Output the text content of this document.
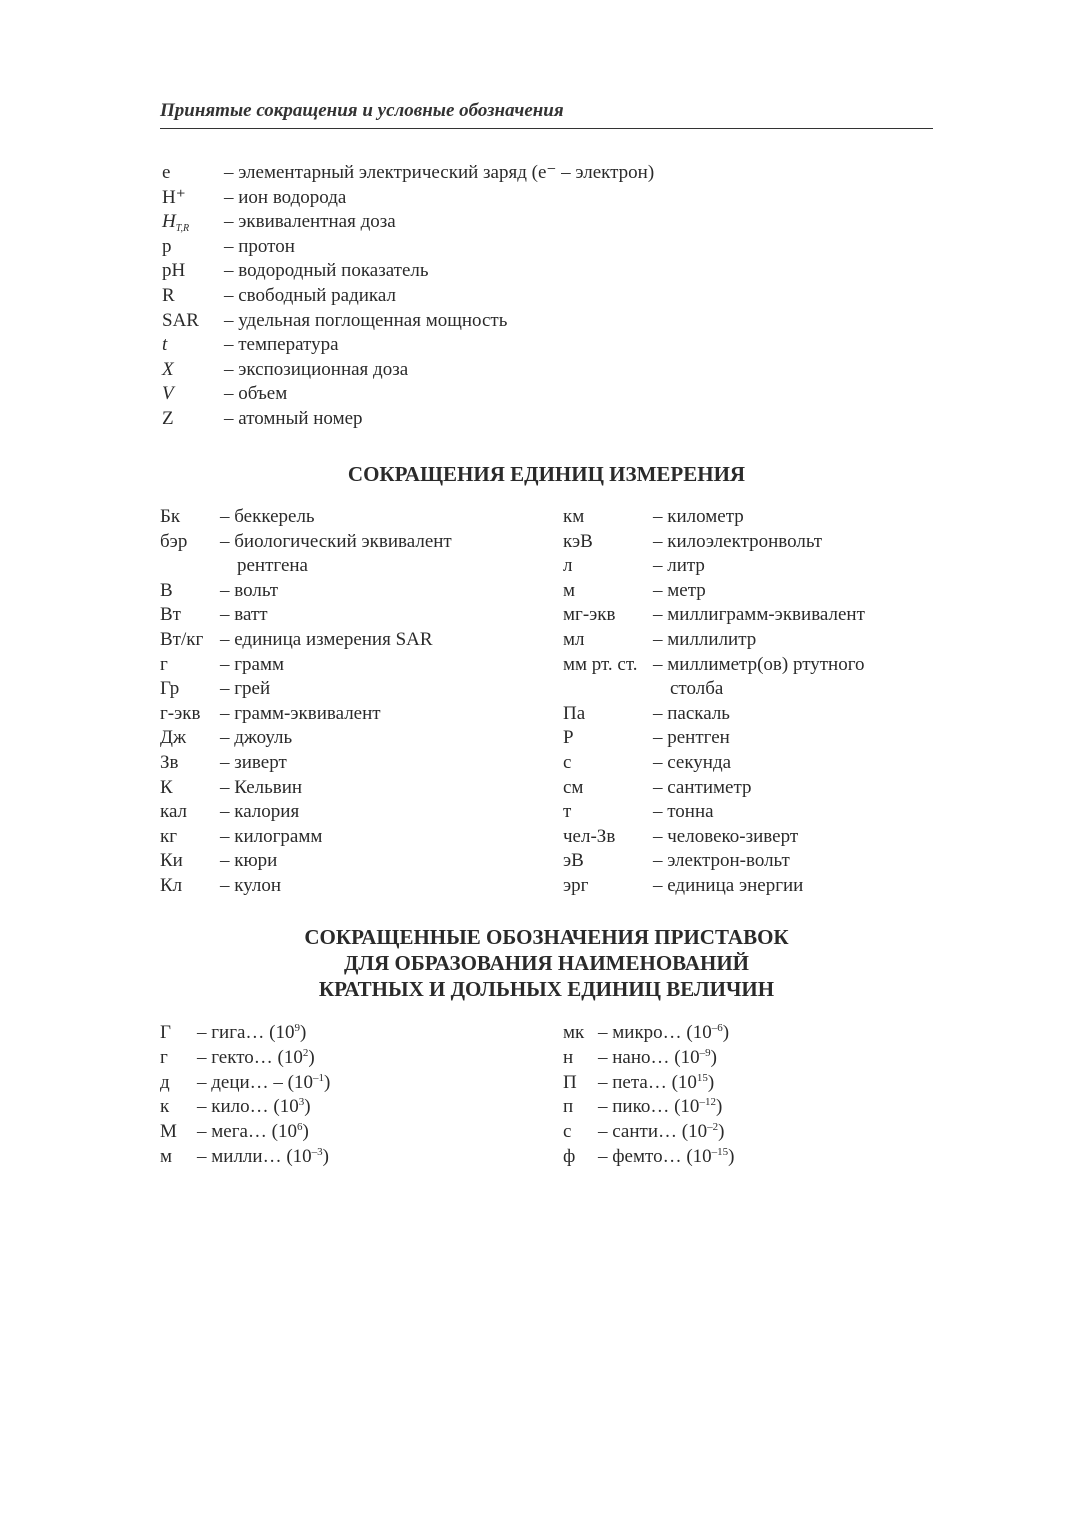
Принятые сокращения и условные обозначения
e	– элементарный электрический заряд (e⁻ – электрон)
H⁺ – ион водорода
$H_{T,R}$ – эквивалентная доза
p	– протон
pH – водородный показатель
R	– свободный радикал
SAR – удельная поглощенная мощность
t	– температура
X	– экспозиционная доза
V	– объем
Z	– атомный номер
СОКРАЩЕНИЯ ЕДИНИЦ ИЗМЕРЕНИЯ
Бк – беккерель
бэр – биологический эквивалент
рентгена
В – вольт
Вт – ватт
Вт/кг – единица измерения SAR
г	– грамм
Гр – грей
г-экв – грамм-эквивалент
Дж – джоуль
Зв – зиверт
К – Кельвин
кал – калория
кг – килограмм
Ки – кюри
Кл – кулон
км	– километр
кэВ	– килоэлектронвольт
л	– литр
м	– метр
мг-экв – миллиграмм-эквивалент
мл	– миллилитр
мм рт. ст. – миллиметр(ов) ртутного
столба
Па	– паскаль
Р	– рентген
с	– секунда
см	– сантиметр
т	– тонна
чел-Зв – человеко-зиверт
эВ	– электрон-вольт
эрг	– единица энергии
СОКРАЩЕННЫЕ ОБОЗНАЧЕНИЯ ПРИСТАВОК
ДЛЯ ОБРАЗОВАНИЯ НАИМЕНОВАНИЙ
КРАТНЫХ И ДОЛЬНЫХ ЕДИНИЦ ВЕЛИЧИН
Г – гига… $(10^9)$
г – гекто… $(10^2)$
д – деци… – $(10^{-1})$
к – кило… $(10^3)$
М – мега… $(10^6)$
м – милли… $(10^{-3})$
мк – микро… $(10^{-6})$
н – нано… $(10^{-9})$
П – пета… $(10^{15})$
п – пико… $(10^{-12})$
с – санти… $(10^{-2})$
ф – фемто… $(10^{-15})$
